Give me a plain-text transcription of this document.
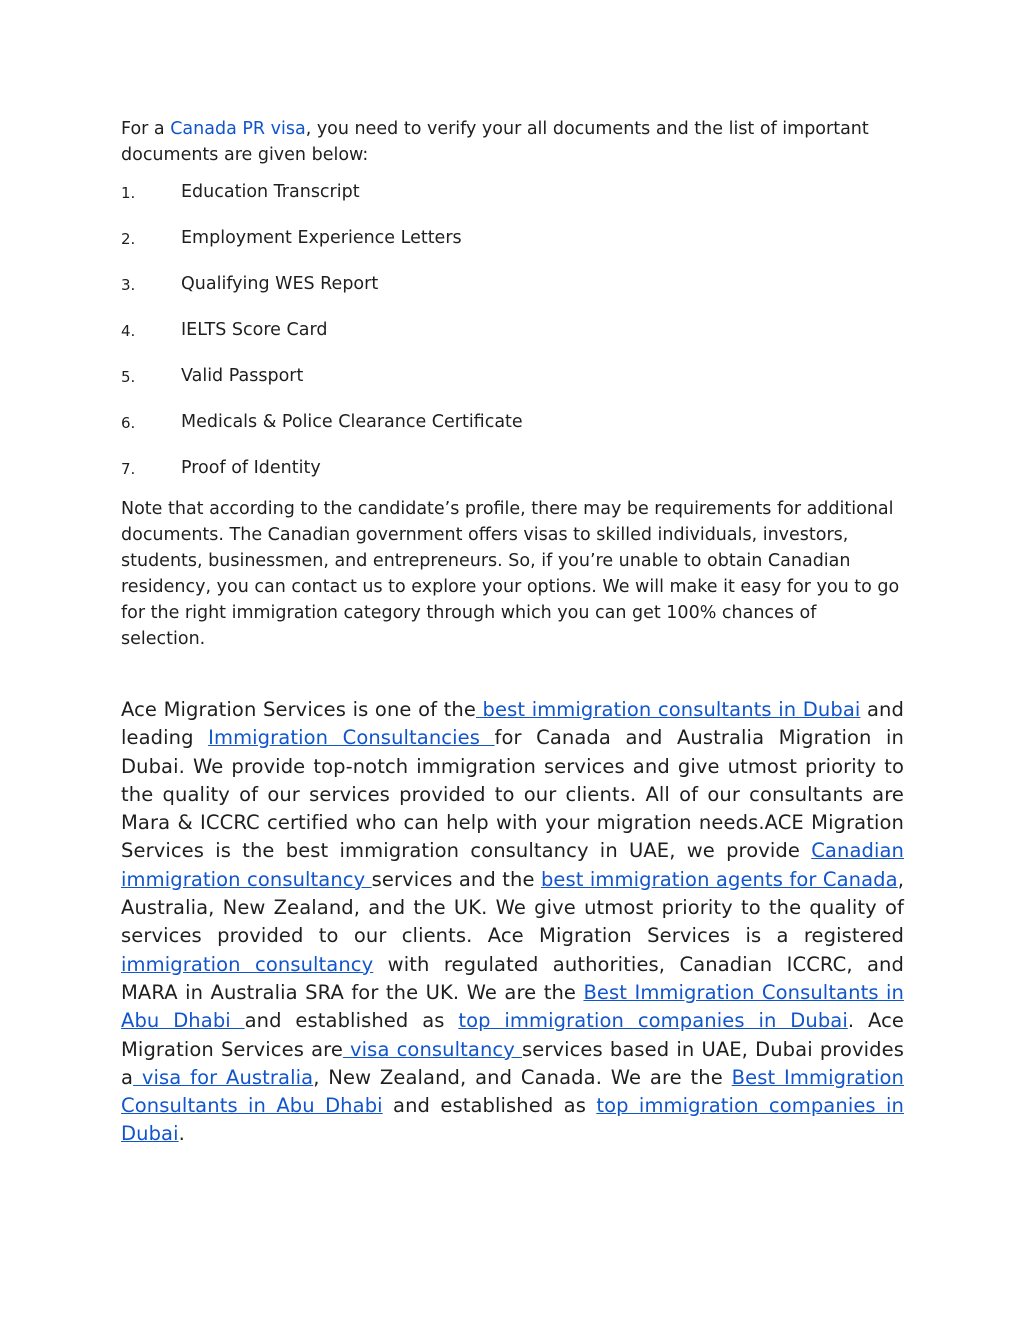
For a Canada PR visa, you need to verify your all documents and the list of important documents are given below:

1.	Education Transcript
2.	Employment Experience Letters
3.	Qualifying WES Report
4.	IELTS Score Card
5.	Valid Passport
6.	Medicals & Police Clearance Certificate
7.	Proof of Identity

Note that according to the candidate’s profile, there may be requirements for additional documents. The Canadian government offers visas to skilled individuals, investors, students, businessmen, and entrepreneurs. So, if you’re unable to obtain Canadian residency, you can contact us to explore your options. We will make it easy for you to go for the right immigration category through which you can get 100% chances of selection.

Ace Migration Services is one of the best immigration consultants in Dubai and leading Immigration Consultancies for Canada and Australia Migration in Dubai. We provide top-notch immigration services and give utmost priority to the quality of our services provided to our clients. All of our consultants are Mara & ICCRC certified who can help with your migration needs.ACE Migration Services is the best immigration consultancy in UAE, we provide Canadian immigration consultancy services and the best immigration agents for Canada, Australia, New Zealand, and the UK. We give utmost priority to the quality of services provided to our clients. Ace Migration Services is a registered immigration consultancy with regulated authorities, Canadian ICCRC, and MARA in Australia SRA for the UK. We are the Best Immigration Consultants in Abu Dhabi and established as top immigration companies in Dubai. Ace Migration Services are visa consultancy services based in UAE, Dubai provides a visa for Australia, New Zealand, and Canada. We are the Best Immigration Consultants in Abu Dhabi and established as top immigration companies in Dubai.
